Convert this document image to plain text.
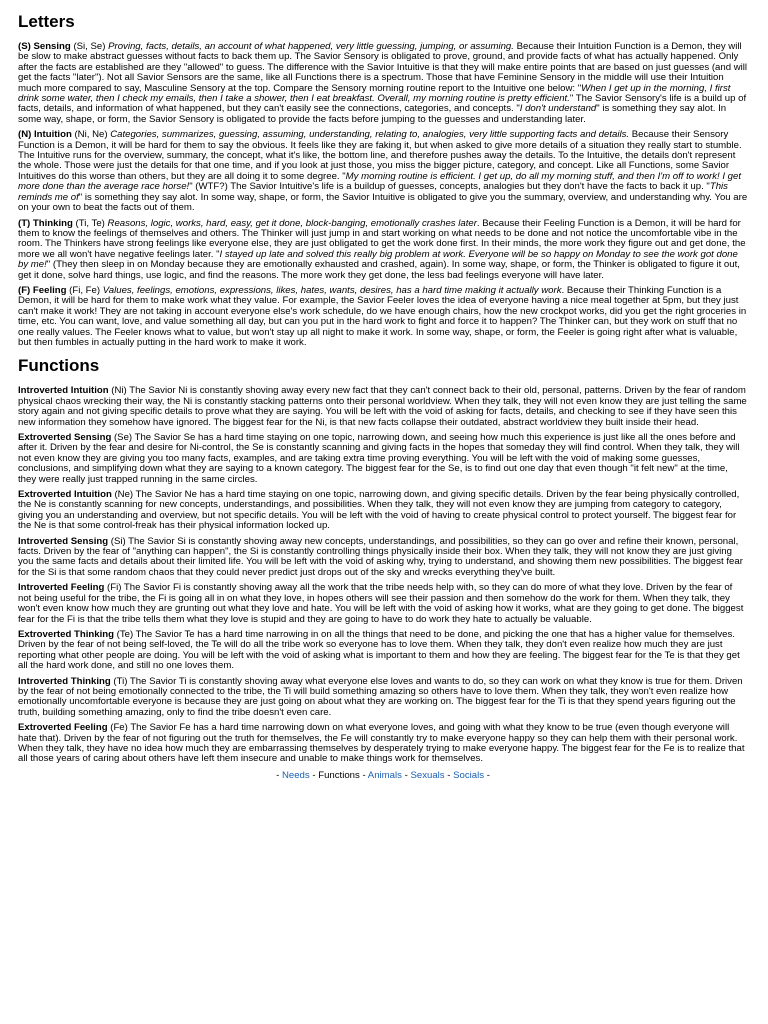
Letters

(S) Sensing (Si, Se) Proving, facts, details, an account of what happened, very little guessing, jumping, or assuming. Because their Intuition Function is a Demon, they will be slow to make abstract guesses without facts to back them up. The Savior Sensory is obligated to prove, ground, and provide facts of what has actually happened. Only after the facts are established are they "allowed" to guess. The difference with the Savior Intuitive is that they will make entire points that are based on just guesses (and will get the facts "later"). Not all Savior Sensors are the same, like all Functions there is a spectrum. Those that have Feminine Sensory in the middle will use their Intuition much more compared to say, Masculine Sensory at the top. Compare the Sensory morning routine report to the Intuitive one below: "When I get up in the morning, I first drink some water, then I check my emails, then I take a shower, then I eat breakfast. Overall, my morning routine is pretty efficient." The Savior Sensory's life is a build up of facts, details, and information of what happened, but they can't easily see the connections, categories, and concepts. "I don't understand" is something they say alot. In some way, shape, or form, the Savior Sensory is obligated to provide the facts before jumping to the guesses and understanding later.

(N) Intuition (Ni, Ne) Categories, summarizes, guessing, assuming, understanding, relating to, analogies, very little supporting facts and details. Because their Sensory Function is a Demon, it will be hard for them to say the obvious. It feels like they are faking it, but when asked to give more details of a situation they really start to stumble. The Intuitive runs for the overview, summary, the concept, what it's like, the bottom line, and therefore pushes away the details. To the Intuitive, the details don't represent the whole. Those were just the details for that one time, and if you look at just those, you miss the bigger picture, category, and concept. Like all Functions, some Savior Intuitives do this worse than others, but they are all doing it to some degree. "My morning routine is efficient. I get up, do all my morning stuff, and then I'm off to work! I get more done than the average race horse!" (WTF?) The Savior Intuitive's life is a buildup of guesses, concepts, analogies but they don't have the facts to back it up. "This reminds me of" is something they say alot. In some way, shape, or form, the Savior Intuitive is obligated to give you the summary, overview, and understanding why. You are on your own to beat the facts out of them.

(T) Thinking (Ti, Te) Reasons, logic, works, hard, easy, get it done, block-banging, emotionally crashes later. Because their Feeling Function is a Demon, it will be hard for them to know the feelings of themselves and others. The Thinker will just jump in and start working on what needs to be done and not notice the uncomfortable vibe in the room. The Thinkers have strong feelings like everyone else, they are just obligated to get the work done first. In their minds, the more work they figure out and get done, the more we all won't have negative feelings later. "I stayed up late and solved this really big problem at work. Everyone will be so happy on Monday to see the work got done by me!" (They then sleep in on Monday because they are emotionally exhausted and crashed, again). In some way, shape, or form, the Thinker is obligated to figure it out, get it done, solve hard things, use logic, and find the reasons. The more work they get done, the less bad feelings everyone will have later.

(F) Feeling (Fi, Fe) Values, feelings, emotions, expressions, likes, hates, wants, desires, has a hard time making it actually work. Because their Thinking Function is a Demon, it will be hard for them to make work what they value. For example, the Savior Feeler loves the idea of everyone having a nice meal together at 5pm, but they just can't make it work! They are not taking in account everyone else's work schedule, do we have enough chairs, how the new crockpot works, did you get the right groceries in time, etc. You can want, love, and value something all day, but can you put in the hard work to fight and force it to happen? The Thinker can, but they work on stuff that no one really values. The Feeler knows what to value, but won't stay up all night to make it work. In some way, shape, or form, the Feeler is going right after what is valuable, but then fumbles in actually putting in the hard work to make it work.

Functions

Introverted Intuition (Ni) The Savior Ni is constantly shoving away every new fact that they can't connect back to their old, personal, patterns. Driven by the fear of random physical chaos wrecking their way, the Ni is constantly stacking patterns onto their personal worldview. When they talk, they will not even know they are just telling the same story again and not giving specific details to prove what they are saying. You will be left with the void of asking for facts, details, and checking to see if they have seen this new information they somehow have ignored. The biggest fear for the Ni, is that new facts collapse their outdated, abstract worldview they built inside their head.

Extroverted Sensing (Se) The Savior Se has a hard time staying on one topic, narrowing down, and seeing how much this experience is just like all the ones before and after it. Driven by the fear and desire for Ni-control, the Se is constantly scanning and giving facts in the hopes that someday they will find control. When they talk, they will not even know they are giving you too many facts, examples, and are taking extra time proving everything. You will be left with the void of making some guesses, conclusions, and simplifying down what they are saying to a known category. The biggest fear for the Se, is to find out one day that even though "it felt new" at the time, they were really just trapped running in the same circles.

Extroverted Intuition (Ne) The Savior Ne has a hard time staying on one topic, narrowing down, and giving specific details. Driven by the fear being physically controlled, the Ne is constantly scanning for new concepts, understandings, and possibilities. When they talk, they will not even know they are jumping from category to category, giving you an understanding and overview, but not specific details. You will be left with the void of having to create physical control to protect yourself. The biggest fear for the Ne is that some control-freak has their physical information locked up.

Introverted Sensing (Si) The Savior Si is constantly shoving away new concepts, understandings, and possibilities, so they can go over and refine their known, personal, facts. Driven by the fear of "anything can happen", the Si is constantly controlling things physically inside their box. When they talk, they will not know they are just giving you the same facts and details about their limited life. You will be left with the void of asking why, trying to understand, and showing them new possibilities. The biggest fear for the Si is that some random chaos that they could never predict just drops out of the sky and wrecks everything they've built.

Introverted Feeling (Fi) The Savior Fi is constantly shoving away all the work that the tribe needs help with, so they can do more of what they love. Driven by the fear of not being useful for the tribe, the Fi is going all in on what they love, in hopes others will see their passion and then somehow do the work for them. When they talk, they won't even know how much they are grunting out what they love and hate. You will be left with the void of asking how it works, what are they going to get done. The biggest fear for the Fi is that the tribe tells them what they love is stupid and they are going to have to do work they hate to actually be valuable.

Extroverted Thinking (Te) The Savior Te has a hard time narrowing in on all the things that need to be done, and picking the one that has a higher value for themselves. Driven by the fear of not being self-loved, the Te will do all the tribe work so everyone has to love them. When they talk, they don't even realize how much they are just reporting what other people are doing. You will be left with the void of asking what is important to them and how they are feeling. The biggest fear for the Te is that they get all the hard work done, and still no one loves them.

Introverted Thinking (Ti) The Savior Ti is constantly shoving away what everyone else loves and wants to do, so they can work on what they know is true for them. Driven by the fear of not being emotionally connected to the tribe, the Ti will build something amazing so others have to love them. When they talk, they won't even realize how emotionally uncomfortable everyone is because they are just going on about what they are working on. The biggest fear for the Ti is that they spend years figuring out the truth, building something amazing, only to find the tribe doesn't even care.

Extroverted Feeling (Fe) The Savior Fe has a hard time narrowing down on what everyone loves, and going with what they know to be true (even though everyone will hate that). Driven by the fear of not figuring out the truth for themselves, the Fe will constantly try to make everyone happy so they can help them with their personal work. When they talk, they have no idea how much they are embarrassing themselves by desperately trying to make everyone happy. The biggest fear for the Fe is to realize that all those years of caring about others have left them insecure and unable to make things work for themselves.

- Needs - Functions - Animals - Sexuals - Socials -
